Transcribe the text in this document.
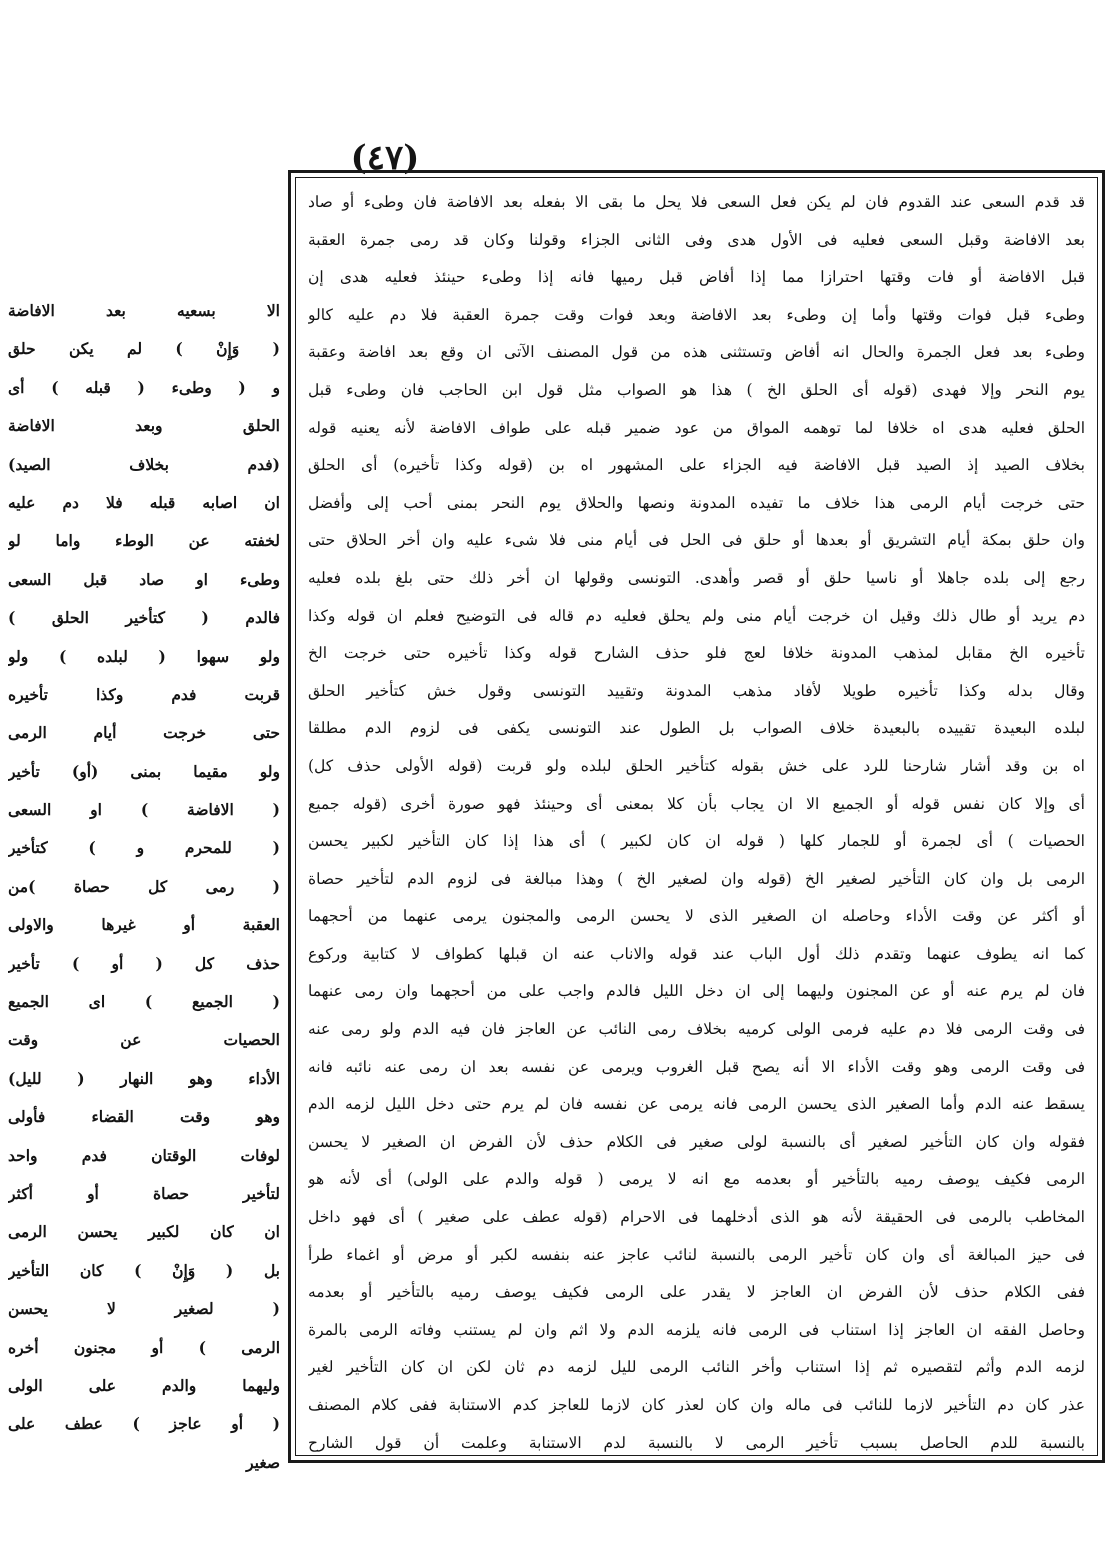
(٤٧)
قد قدم السعى عند القدوم فان لم يكن فعل السعى فلا يحل ما بقى الا بفعله بعد الافاضة فان وطىء أو صاد
بعد الافاضة وقبل السعى فعليه فى الأول هدى وفى الثانى الجزاء وقولنا وكان قد رمى جمرة العقبة
قبل الافاضة أو فات وقتها احترازا مما إذا أفاض قبل رميها فانه إذا وطىء حينئذ فعليه هدى إن
وطىء قبل فوات وقتها وأما إن وطىء بعد الافاضة وبعد فوات وقت جمرة العقبة فلا دم عليه كالو
وطىء بعد فعل الجمرة والحال انه أفاض وتستثنى هذه من قول المصنف الآتى ان وقع بعد افاضة وعقبة
يوم النحر وإلا فهدى (قوله أى الحلق الخ ) هذا هو الصواب مثل قول ابن الحاجب فان وطىء قبل
الحلق فعليه هدى اه خلافا لما توهمه المواق من عود ضمير قبله على طواف الافاضة لأنه يعنيه قوله
بخلاف الصيد إذ الصيد قبل الافاضة فيه الجزاء على المشهور اه بن (قوله وكذا تأخيره) أى الحلق
حتى خرجت أيام الرمى هذا خلاف ما تفيده المدونة ونصها والحلاق يوم النحر بمنى أحب إلى وأفضل
وان حلق بمكة أيام التشريق أو بعدها أو حلق فى الحل فى أيام منى فلا شىء عليه وان أخر الحلاق حتى
رجع إلى بلده جاهلا أو ناسيا حلق أو قصر وأهدى. التونسى وقولها ان أخر ذلك حتى بلغ بلده فعليه
دم يريد أو طال ذلك وقيل ان خرجت أيام منى ولم يحلق فعليه دم قاله فى التوضيح فعلم ان قوله وكذا
تأخيره الخ مقابل لمذهب المدونة خلافا لعج فلو حذف الشارح قوله وكذا تأخيره حتى خرجت الخ
وقال بدله وكذا تأخيره طويلا لأفاد مذهب المدونة وتقييد التونسى وقول خش كتأخير الحلق
لبلده البعيدة تقييده بالبعيدة خلاف الصواب بل الطول عند التونسى يكفى فى لزوم الدم مطلقا
اه بن وقد أشار شارحنا للرد على خش بقوله كتأخير الحلق لبلده ولو قربت (قوله الأولى حذف كل)
أى وإلا كان نفس قوله أو الجميع الا ان يجاب بأن كلا بمعنى أى وحينئذ فهو صورة أخرى (قوله جميع
الحصيات ) أى لجمرة أو للجمار كلها ( قوله ان كان لكبير ) أى هذا إذا كان التأخير لكبير يحسن
الرمى بل وان كان التأخير لصغير الخ (قوله وان لصغير الخ ) وهذا مبالغة فى لزوم الدم لتأخير حصاة
أو أكثر عن وقت الأداء وحاصله ان الصغير الذى لا يحسن الرمى والمجنون يرمى عنهما من أحجهما
كما انه يطوف عنهما وتقدم ذلك أول الباب عند قوله والاناب عنه ان قبلها كطواف لا كتابية وركوع
فان لم يرم عنه أو عن المجنون وليهما إلى ان دخل الليل فالدم واجب على من أحجهما وان رمى عنهما
فى وقت الرمى فلا دم عليه فرمى الولى كرميه بخلاف رمى النائب عن العاجز فان فيه الدم ولو رمى عنه
فى وقت الرمى وهو وقت الأداء الا أنه يصح قبل الغروب ويرمى عن نفسه بعد ان رمى عنه نائبه فانه
يسقط عنه الدم وأما الصغير الذى يحسن الرمى فانه يرمى عن نفسه فان لم يرم حتى دخل الليل لزمه الدم
فقوله وان كان التأخير لصغير أى بالنسبة لولى صغير فى الكلام حذف لأن الفرض ان الصغير لا يحسن
الرمى فكيف يوصف رميه بالتأخير أو بعدمه مع انه لا يرمى ( قوله والدم على الولى) أى لأنه هو
المخاطب بالرمى فى الحقيقة لأنه هو الذى أدخلهما فى الاحرام (قوله عطف على صغير ) أى فهو داخل
فى حيز المبالغة أى وان كان تأخير الرمى بالنسبة لنائب عاجز عنه بنفسه لكبر أو مرض أو اغماء طرأ
ففى الكلام حذف لأن الفرض ان العاجز لا يقدر على الرمى فكيف يوصف رميه بالتأخير أو بعدمه
وحاصل الفقه ان العاجز إذا استناب فى الرمى فانه يلزمه الدم ولا اثم وان لم يستنب وفاته الرمى بالمرة
لزمه الدم وأثم لتقصيره ثم إذا استناب وأخر النائب الرمى لليل لزمه دم ثان لكن ان كان التأخير لغير
عذر كان دم التأخير لازما للنائب فى ماله وان كان لعذر كان لازما للعاجز كدم الاستنابة ففى كلام المصنف
بالنسبة للدم الحاصل بسبب تأخير الرمى لا بالنسبة لدم الاستنابة وعلمت أن قول الشارح
الا بسعيه بعد الافاضة
( وَإِنْ ) لم يكن حلق
و ( وطىء ( قبله ) أى
الحلق وبعد الافاضة
(فدم بخلاف الصيد)
ان اصابه قبله فلا دم عليه
لخفته عن الوطء واما لو
وطىء او صاد قبل السعى
فالدم ( كتأخير الحلق )
ولو سهوا ( لبلده ) ولو
قربت فدم وكذا تأخيره
حتى خرجت أيام الرمى
ولو مقيما بمنى (أو) تأخير
( الافاضة ) او السعى
( للمحرم و ) كتأخير
( رمى كل حصاة )من
العقبة أو غيرها والاولى
حذف كل ( أو ) تأخير
( الجميع ) اى الجميع
الحصيات عن وقت
الأداء وهو النهار ( لليل)
وهو وقت القضاء فأولى
لوفات الوقتان فدم واحد
لتأخير حصاة أو أكثر
ان كان لكبير يحسن الرمى
بل ( وَإِنْ ) كان التأخير
( لصغير لا يحسن
الرمى ) أو مجنون أخره
وليهما والدم على الولى
( أو عاجز ) عطف على
صغير
